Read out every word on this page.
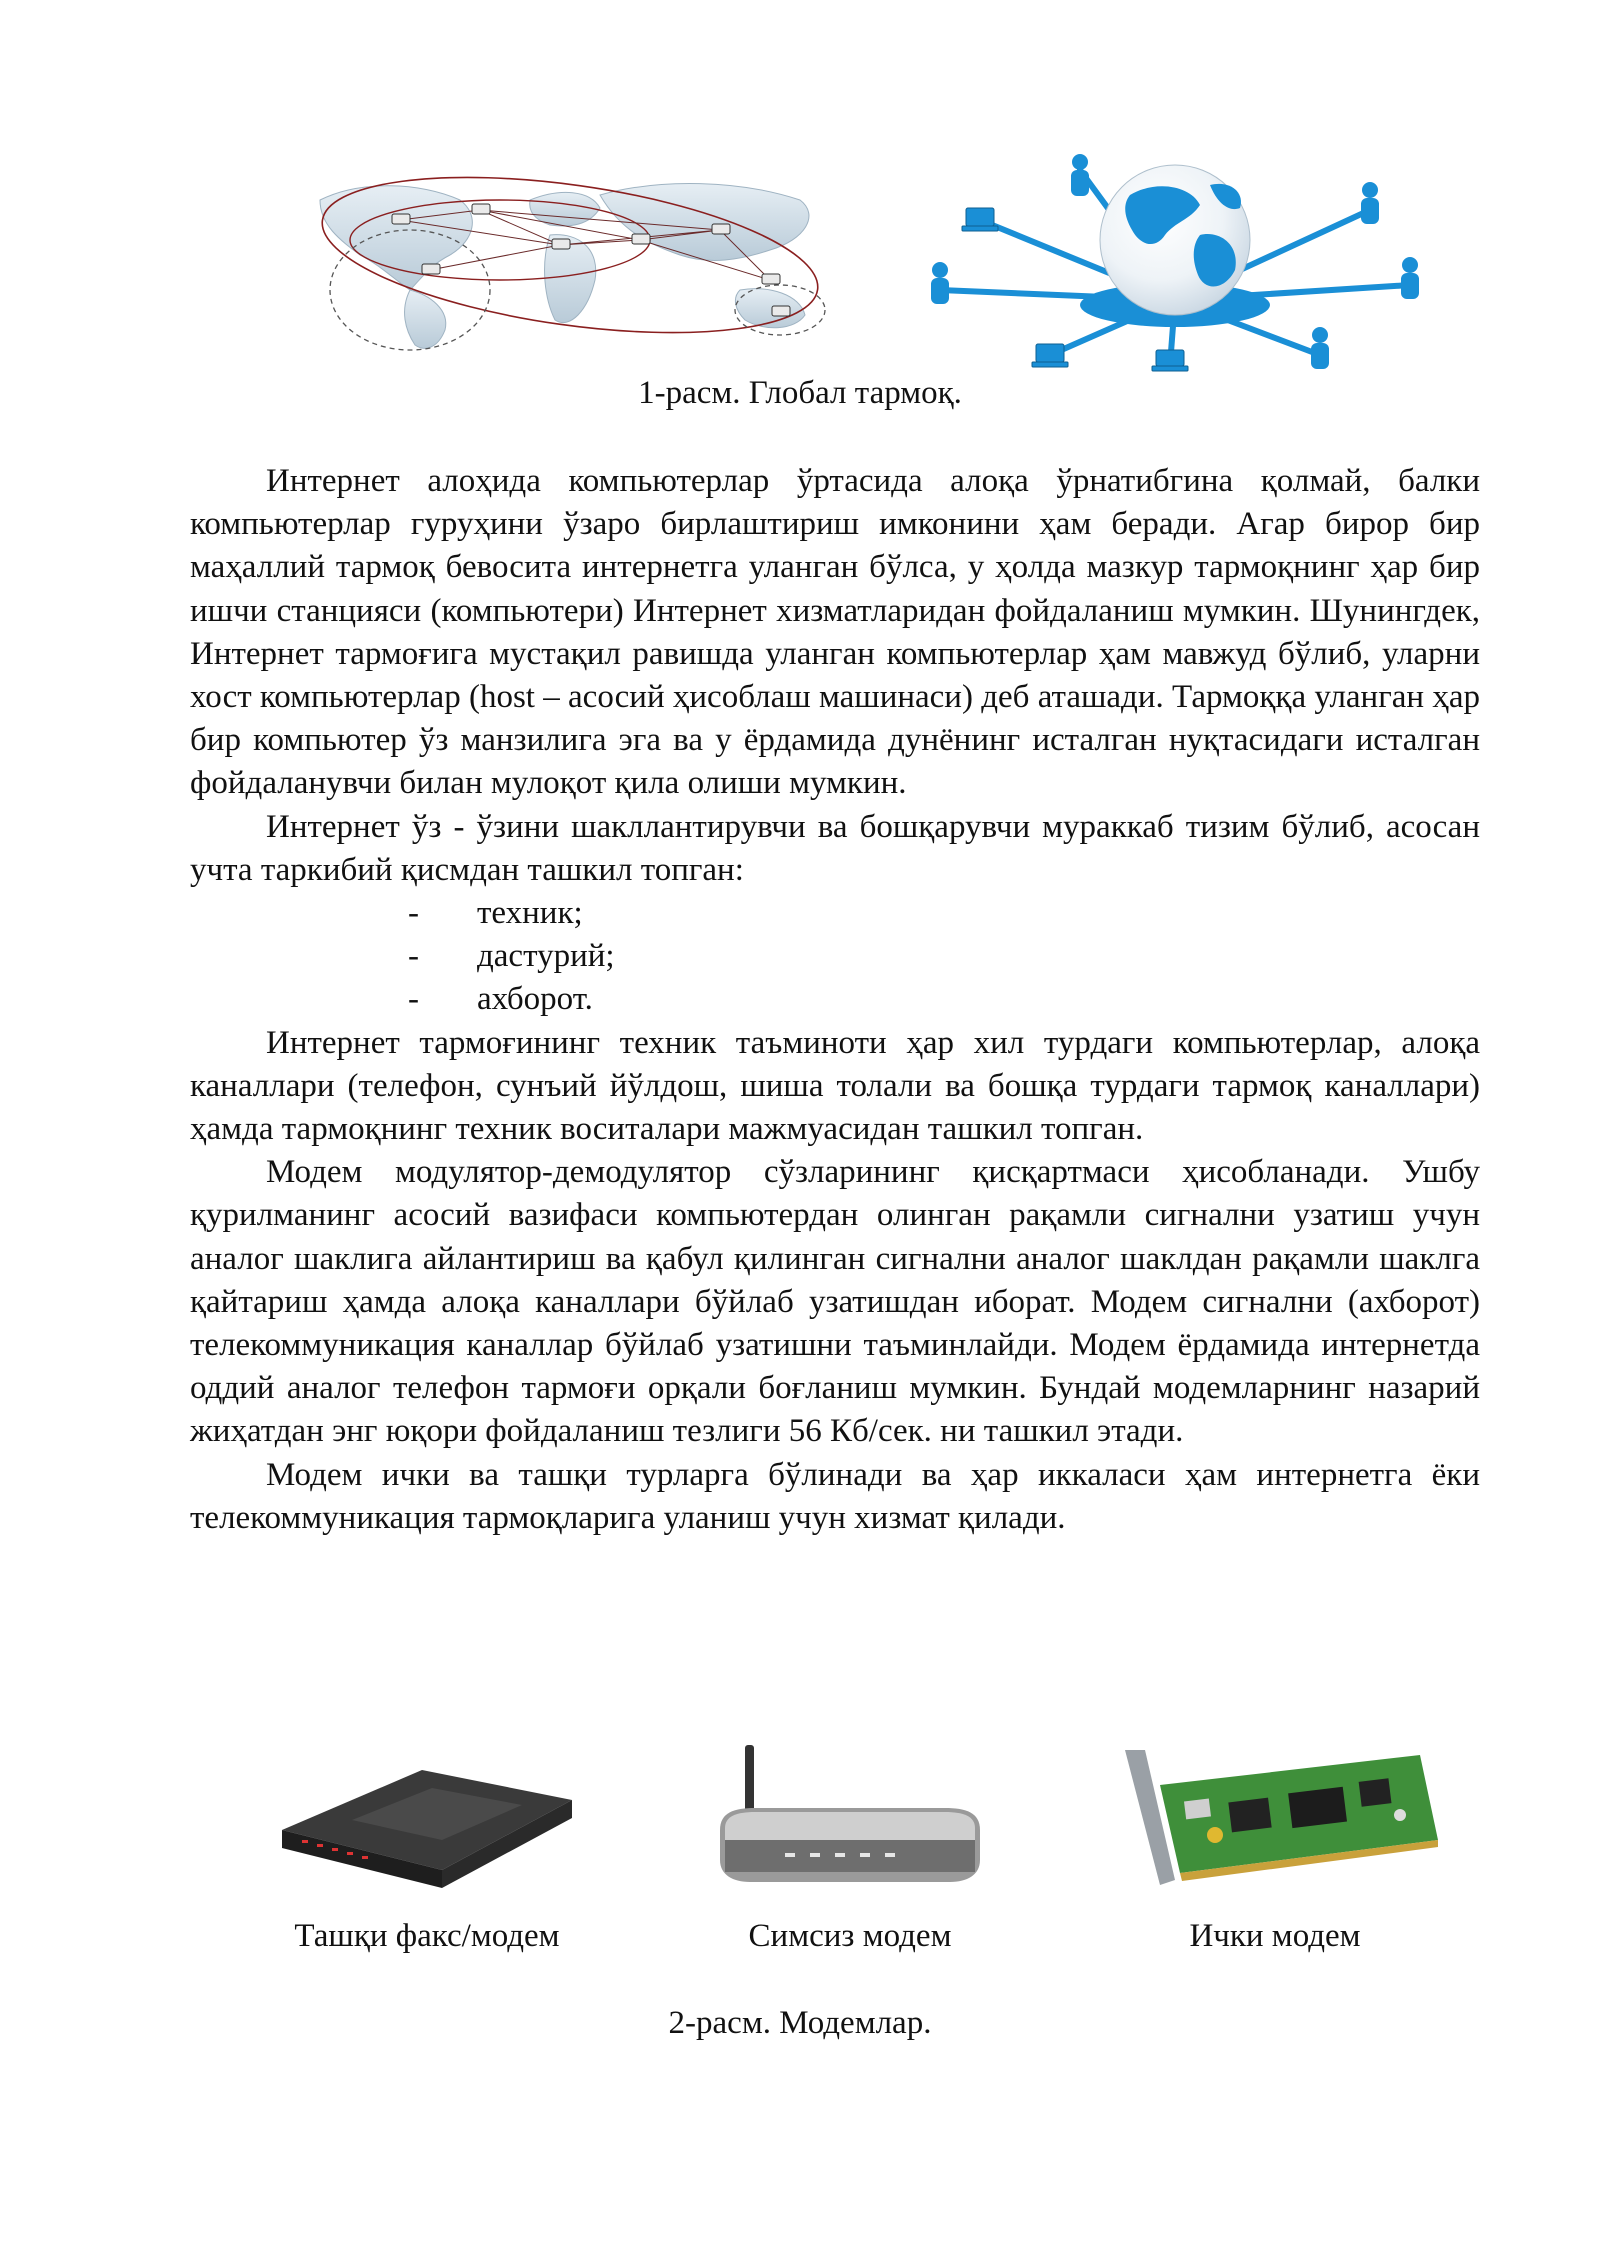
1-расм. Глобал тармоқ.

Интернет алоҳида компьютерлар ўртасида алоқа ўрнатибгина қолмай, балки компьютерлар гуруҳини ўзаро бирлаштириш имконини ҳам беради. Агар бирор бир маҳаллий тармоқ бевосита интернетга уланган бўлса, у ҳолда мазкур тармоқнинг ҳар бир ишчи станцияси (компьютери) Интернет хизматларидан фойдаланиш мумкин. Шунингдек, Интернет тармоғига мустақил равишда уланган компьютерлар ҳам мавжуд бўлиб, уларни хост компьютерлар (host – асосий ҳисоблаш машинаси) деб аташади. Тармоққа уланган ҳар бир компьютер ўз манзилига эга ва у ёрдамида дунёнинг исталган нуқтасидаги исталган фойдаланувчи билан мулоқот қила олиши мумкин.

Интернет ўз - ўзини шакллантирувчи ва бошқарувчи мураккаб тизим бўлиб, асосан учта таркибий қисмдан ташкил топган:

- техник;
- дастурий;
- ахборот.

Интернет тармоғининг техник таъминоти ҳар хил турдаги компьютерлар, алоқа каналлари (телефон, сунъий йўлдош, шиша толали ва бошқа турдаги тармоқ каналлари) ҳамда тармоқнинг техник воситалари мажмуасидан ташкил топган.

Модем модулятор-демодулятор сўзларининг қисқартмаси ҳисобланади. Ушбу қурилманинг асосий вазифаси компьютердан олинган рақамли сигнални узатиш учун аналог шаклига айлантириш ва қабул қилинган сигнални аналог шаклдан рақамли шаклга қайтариш ҳамда алоқа каналлари бўйлаб узатишдан иборат. Модем сигнални (ахборот) телекоммуникация каналлар бўйлаб узатишни таъминлайди. Модем ёрдамида интернетда оддий аналог телефон тармоғи орқали боғланиш мумкин. Бундай модемларнинг назарий жиҳатдан энг юқори фойдаланиш тезлиги 56 Кб/сек. ни ташкил этади.

Модем ички ва ташқи турларга бўлинади ва ҳар иккаласи ҳам интернетга ёки телекоммуникация тармоқларига уланиш учун хизмат қилади.

Ташқи факс/модем	Симсиз модем	Ички модем
2-расм. Модемлар.
